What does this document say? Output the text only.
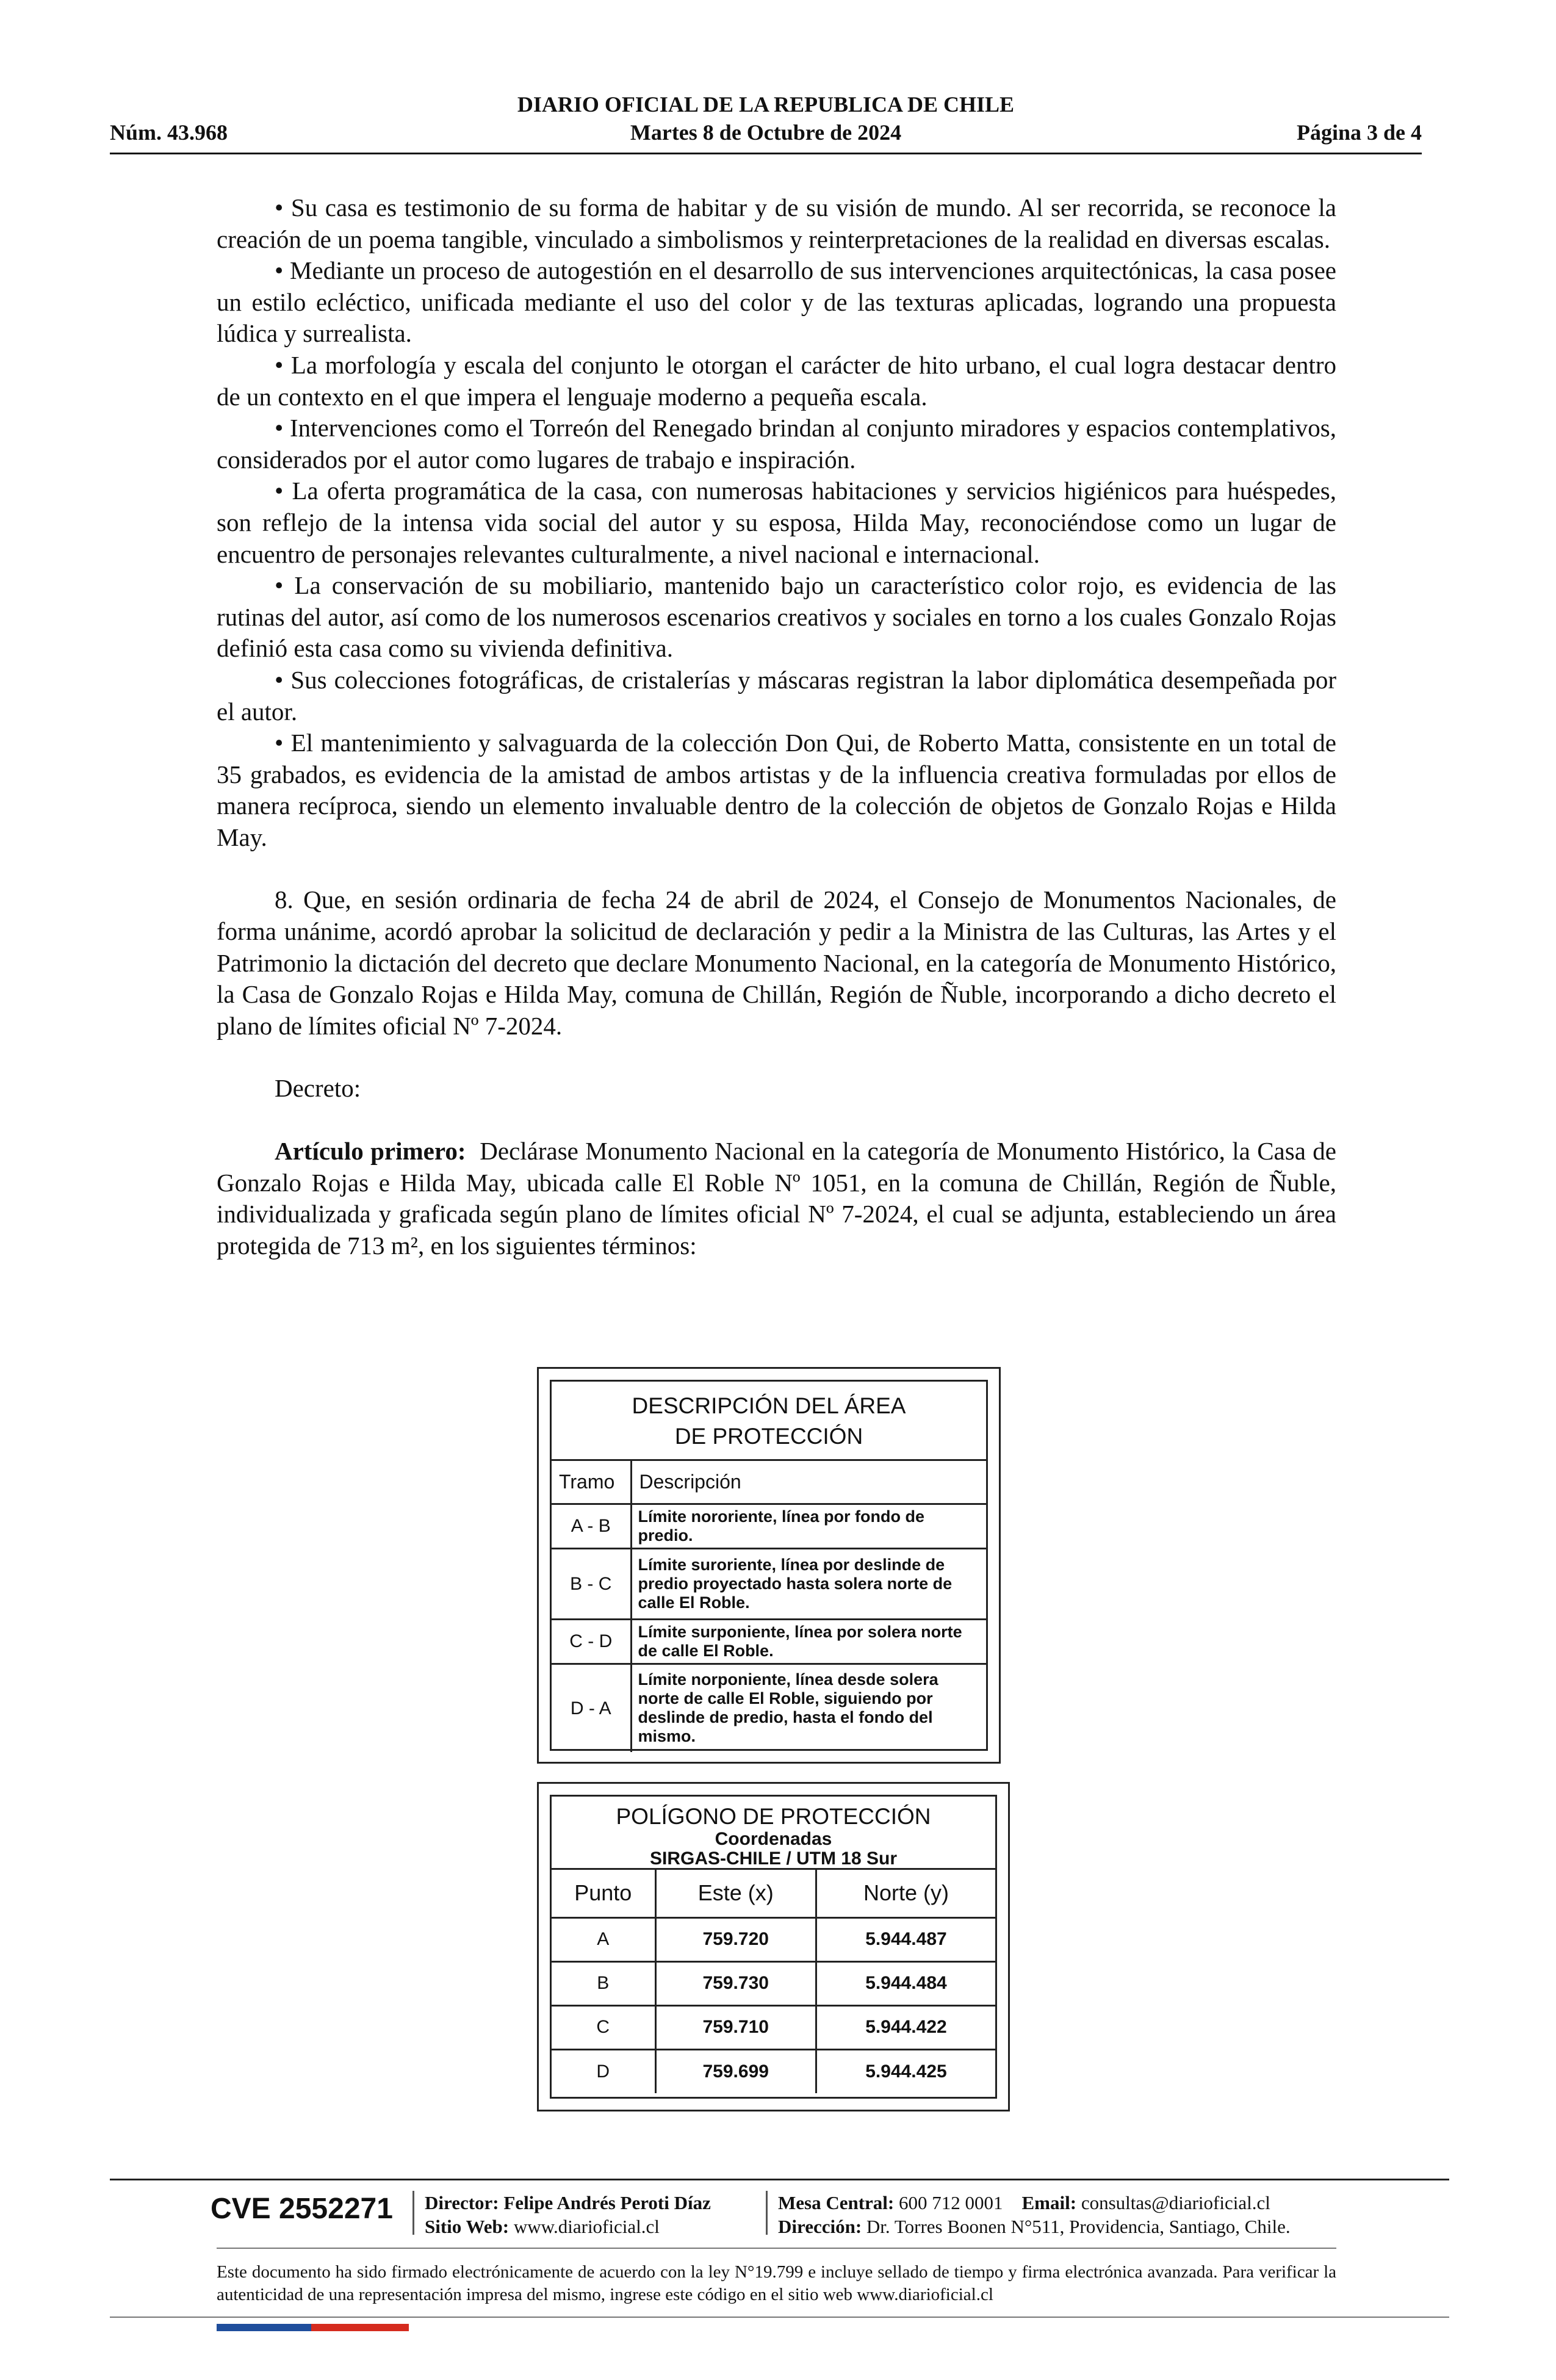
DIARIO OFICIAL DE LA REPUBLICA DE CHILE
Núm. 43.968	Martes 8 de Octubre de 2024	Página 3 de 4

• Su casa es testimonio de su forma de habitar y de su visión de mundo. Al ser recorrida, se reconoce la creación de un poema tangible, vinculado a simbolismos y reinterpretaciones de la realidad en diversas escalas.

• Mediante un proceso de autogestión en el desarrollo de sus intervenciones arquitectónicas, la casa posee un estilo ecléctico, unificada mediante el uso del color y de las texturas aplicadas, logrando una propuesta lúdica y surrealista.

• La morfología y escala del conjunto le otorgan el carácter de hito urbano, el cual logra destacar dentro de un contexto en el que impera el lenguaje moderno a pequeña escala.

• Intervenciones como el Torreón del Renegado brindan al conjunto miradores y espacios contemplativos, considerados por el autor como lugares de trabajo e inspiración.

• La oferta programática de la casa, con numerosas habitaciones y servicios higiénicos para huéspedes, son reflejo de la intensa vida social del autor y su esposa, Hilda May, reconociéndose como un lugar de encuentro de personajes relevantes culturalmente, a nivel nacional e internacional.

• La conservación de su mobiliario, mantenido bajo un característico color rojo, es evidencia de las rutinas del autor, así como de los numerosos escenarios creativos y sociales en torno a los cuales Gonzalo Rojas definió esta casa como su vivienda definitiva.

• Sus colecciones fotográficas, de cristalerías y máscaras registran la labor diplomática desempeñada por el autor.

• El mantenimiento y salvaguarda de la colección Don Qui, de Roberto Matta, consistente en un total de 35 grabados, es evidencia de la amistad de ambos artistas y de la influencia creativa formuladas por ellos de manera recíproca, siendo un elemento invaluable dentro de la colección de objetos de Gonzalo Rojas e Hilda May.

8. Que, en sesión ordinaria de fecha 24 de abril de 2024, el Consejo de Monumentos Nacionales, de forma unánime, acordó aprobar la solicitud de declaración y pedir a la Ministra de las Culturas, las Artes y el Patrimonio la dictación del decreto que declare Monumento Nacional, en la categoría de Monumento Histórico, la Casa de Gonzalo Rojas e Hilda May, comuna de Chillán, Región de Ñuble, incorporando a dicho decreto el plano de límites oficial Nº 7-2024.

Decreto:

Artículo primero: Declárase Monumento Nacional en la categoría de Monumento Histórico, la Casa de Gonzalo Rojas e Hilda May, ubicada calle El Roble Nº 1051, en la comuna de Chillán, Región de Ñuble, individualizada y graficada según plano de límites oficial Nº 7-2024, el cual se adjunta, estableciendo un área protegida de 713 m², en los siguientes términos:

DESCRIPCIÓN DEL ÁREA
DE PROTECCIÓN
Tramo	Descripción
A - B	Límite nororiente, línea por fondo de predio.
B - C	Límite suroriente, línea por deslinde de predio proyectado hasta solera norte de calle El Roble.
C - D	Límite surponiente, línea por solera norte de calle El Roble.
D - A	Límite norponiente, línea desde solera norte de calle El Roble, siguiendo por deslinde de predio, hasta el fondo del mismo.
POLÍGONO DE PROTECCIÓN
Coordenadas
SIRGAS-CHILE / UTM 18 Sur
Punto	Este (x)	Norte (y)
A	759.720	5.944.487
B	759.730	5.944.484
C	759.710	5.944.422
D	759.699	5.944.425
CVE 2552271 Director: Felipe Andrés Peroti Díaz
Sitio Web: www.diarioficial.cl
Mesa Central: 600 712 0001 Email: consultas@diarioficial.cl
Dirección: Dr. Torres Boonen N°511, Providencia, Santiago, Chile.
Este documento ha sido firmado electrónicamente de acuerdo con la ley N°19.799 e incluye sellado de tiempo y firma electrónica avanzada. Para verificar la autenticidad de una representación impresa del mismo, ingrese este código en el sitio web www.diarioficial.cl
